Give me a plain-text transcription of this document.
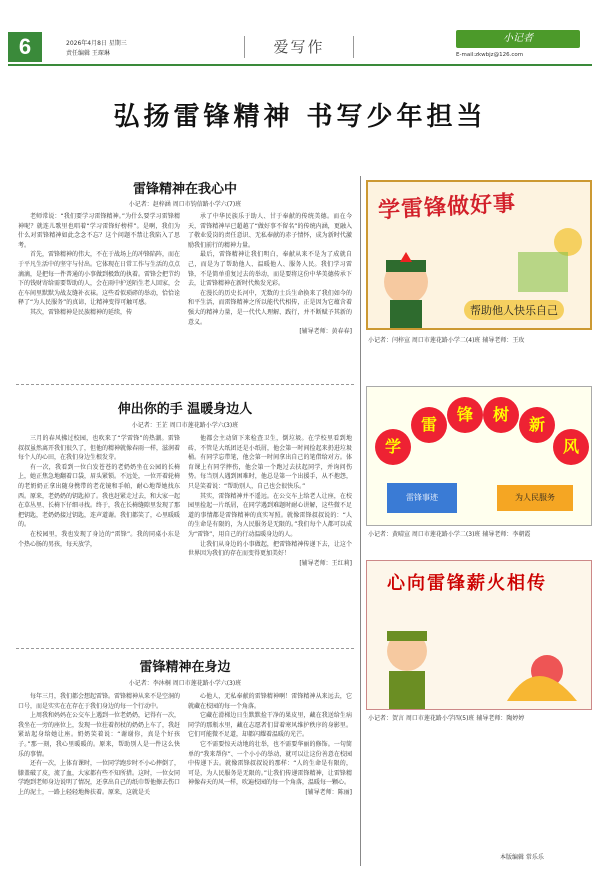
6	2026年4月8日 星期三
责任编辑 王琛琳	爱写作	小记者
E-mail:zkwbjz@126.com
弘扬雷锋精神 书写少年担当
雷锋精神在我心中
小记者：赵梓涵 周口市钧信路小学六(7)班

老师常说：“我们要学习雷锋精神。”为什么要学习雷锋精神呢？就连儿歌里也唱着“学习雷锋好榜样”。是啊，我们为什么对雷锋精神如此念念不忘？这个问题不禁让我陷入了思考。

首先，雷锋精神的伟大，不在于战场上的冲锋陷阵，而在于平凡生活中的坚守与付出。它体现在日常工作与生活的点点滴滴，是把每一件普通的小事做到极致的执着。雷锋会把节约下的钱财寄给需要帮助的人，会在雨中护送陌生老人回家，会在车间里默默为战友缝补衣袜。这些看似琐碎的举动，恰恰诠释了“为人民服务”的真谛，让精神变得可触可感。

其次，雷锋精神是民族精神的延续，传

承了中华民族乐于助人、甘于奉献的传统美德。而在今天，雷锋精神早已超越了“做好事不留名”的传统内涵，更融入了敬业爱岗的责任意识、无私奉献的赤子情怀，成为新时代激励我们前行的精神力量。

最后，雷锋精神让我们明白，奉献从来不是为了成就自己，而是为了帮助他人、温暖他人、服务人民。我们学习雷锋，不是简单重复过去的举动，而是要将这份中华美德传承下去，让雷锋精神在新时代焕发光彩。

在漫长的历史长河中，无数的士兵生命换来了我们如今的和平生活，而雷锋精神之所以能代代相传，正是因为它蕴含着强大的精神力量，是一代代人理解、践行，并不断赋予其新的意义。

[辅导老师：黄春春]

伸出你的手 温暖身边人
小记者：王芷 周口市莲花路小学六(3)班

三月的春风拂过校园，也吹来了“学雷锋”的热潮。雷锋叔叔虽然离开我们很久了，但他的精神就像春雨一样，滋润着每个人的心田，在我们身边生根发芽。

有一次，我看到一位白发苍苍的老奶奶坐在公园的长椅上，她正焦急地翻着口袋，眉头紧锁。不远处，一位开着轮椅的老奶奶正拿出随身携带的老花镜和手帕，耐心地帮她找东西。原来，老奶奶的钥匙掉了。我也赶紧走过去，和大家一起在草丛里、长椅下仔细寻找。终于，我在长椅缝隙里发现了那把钥匙，老奶奶接过钥匙，连声道谢。我们都笑了，心里暖暖的。

在校园里，我也发现了身边的“雷锋”。我的同桌小东是个热心肠的男孩，每天放学，

他都会主动留下来检查卫生，倒垃圾。在学校里看到地砖，不管是大纸团还是小纸屑，他会第一时间捡起来扔进垃圾桶。有同学忘带笔，他会第一时间拿出自己的笔借给对方。体育课上有同学摔伤，他会第一个跑过去扶起同学，并询问伤势。每当别人遇到困难时，他总是第一个出援手，从不抱怨，只是笑着说：“帮助别人，自己也会很快乐。”

其实，雷锋精神并不遥远。在公交车上给老人让座，在校园里捡起一片纸屑，在同学遇到难题时耐心讲解，这些微不足道的事情都是雷锋精神的真实写照。就像雷锋叔叔说的：“人的生命是有限的，为人民服务是无限的。”我们每个人都可以成为“雷锋”，用自己的行动温暖身边的人。

让我们从身边的小事做起，把雷锋精神传递下去，让这个世界因为我们的存在而变得更加美好！

[辅导老师：王红莉]

雷锋精神在身边
小记者：李沐桐 周口市莲花路小学六(3)班

每年三月，我们都会想起雷锋。雷锋精神从来不是空洞的口号，而是实实在在存在于我们身边的每一个行动中。

上周我和妈妈在公交车上遇到一位老奶奶，记得有一次，我坐在一旁的座位上，发现一位拄着拐杖的奶奶上车了，我赶紧站起身给她让座。奶奶笑着说：“谢谢你，真是个好孩子。”那一刻，我心里暖暖的。原来，帮助别人是一件这么快乐的事情。

还有一次，上体育课时，一位同学跑步时不小心摔倒了，膝盖破了皮，流了血，大家都有些不知所措。这时，一位女同学跑到老师身边说明了情况，还拿出自己的纸巾帮他擦去伤口上的泥土，一路上轻轻地搀扶着。原来，这就是关

心他人，无私奉献的雷锋精神啊！雷锋精神从来远去，它就藏在校园的每一个角落。

它藏在滑梯边日生默默捡干净的果皮里，藏在我送给生病同学的那瓶水里，藏在志愿者们冒着寒风维护秩序的身影里。它们可能微不足道，却都闪耀着温暖的光芒。

它不需要惊天动地的壮举，也不需要华丽的修饰。一句简单的“我来帮你”、一个小小的举动，就可以让这份善意在校园中传递下去。就像雷锋叔叔说的那样：“人的生命是有限的，可是，为人民服务是无限的。”让我们传递雷锋精神，让雷锋精神像春天的风一样，吹遍校园的每一个角落，温暖每一颗心。

[辅导老师：陈丽]

学雷锋做好事
帮助他人快乐自己
小记者：闫梓宣 周口市莲花路小学二(4)班 辅导老师：王玫
学
雷
锋	树
新
风
雷锋事迹	为人民服务
小记者：黄晴宣 周口市莲花路小学二(3)班 辅导老师：李朝霞
心向雷锋薪火相传
小记者：贺言 周口市莲花路小学四(5)班 辅导老师：陶婷婷
本版编辑 常乐乐
